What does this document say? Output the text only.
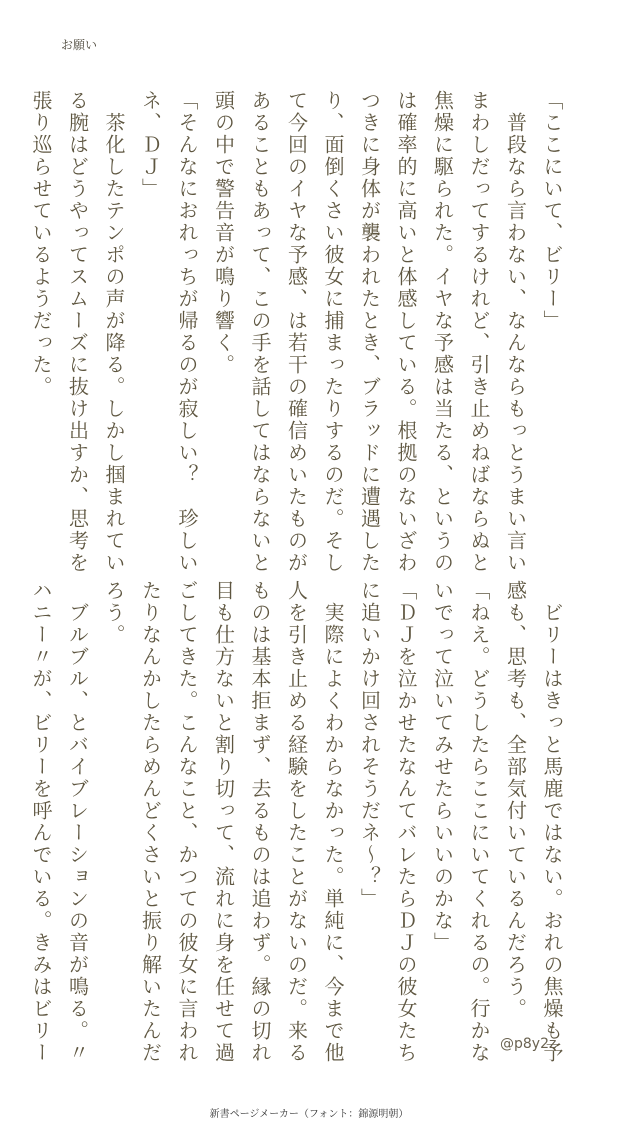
お願い
「ここにいて、ビリー」
　普段なら言わない、なんならもっとうまい言い
まわしだってするけれど、引き止めねばならぬと
焦燥に駆られた。イヤな予感は当たる、というの
は確率的に高いと体感している。根拠のないざわ
つきに身体が襲われたとき、ブラッドに遭遇した
り、面倒くさい彼女に捕まったりするのだ。そし
て今回のイヤな予感、は若干の確信めいたものが
あることもあって、この手を話してはならないと
頭の中で警告音が鳴り響く。
「そんなにおれっちが帰るのが寂しい？　珍しい
ネ、ＤＪ」
　茶化したテンポの声が降る。しかし掴まれてい
る腕はどうやってスムーズに抜け出すか、思考を
張り巡らせているようだった。
　ビリーはきっと馬鹿ではない。おれの焦燥も予
感も、思考も、全部気付いているんだろう。
「ねえ。どうしたらここにいてくれるの。行かな
いでって泣いてみせたらいいのかな」
「ＤＪを泣かせたなんてバレたらＤＪの彼女たち
に追いかけ回されそうだネ〜？」
　実際によくわからなかった。単純に、今まで他
人を引き止める経験をしたことがないのだ。来る
ものは基本拒まず、去るものは追わず。縁の切れ
目も仕方ないと割り切って、流れに身を任せて過
ごしてきた。こんなこと、かつての彼女に言われ
たりなんかしたらめんどくさいと振り解いたんだ
ろう。
　ブルブル、とバイブレーションの音が鳴る。〃
ハニー〃が、ビリーを呼んでいる。きみはビリー	@p8y2z
新書ページメーカー（フォント：錦源明朝）
